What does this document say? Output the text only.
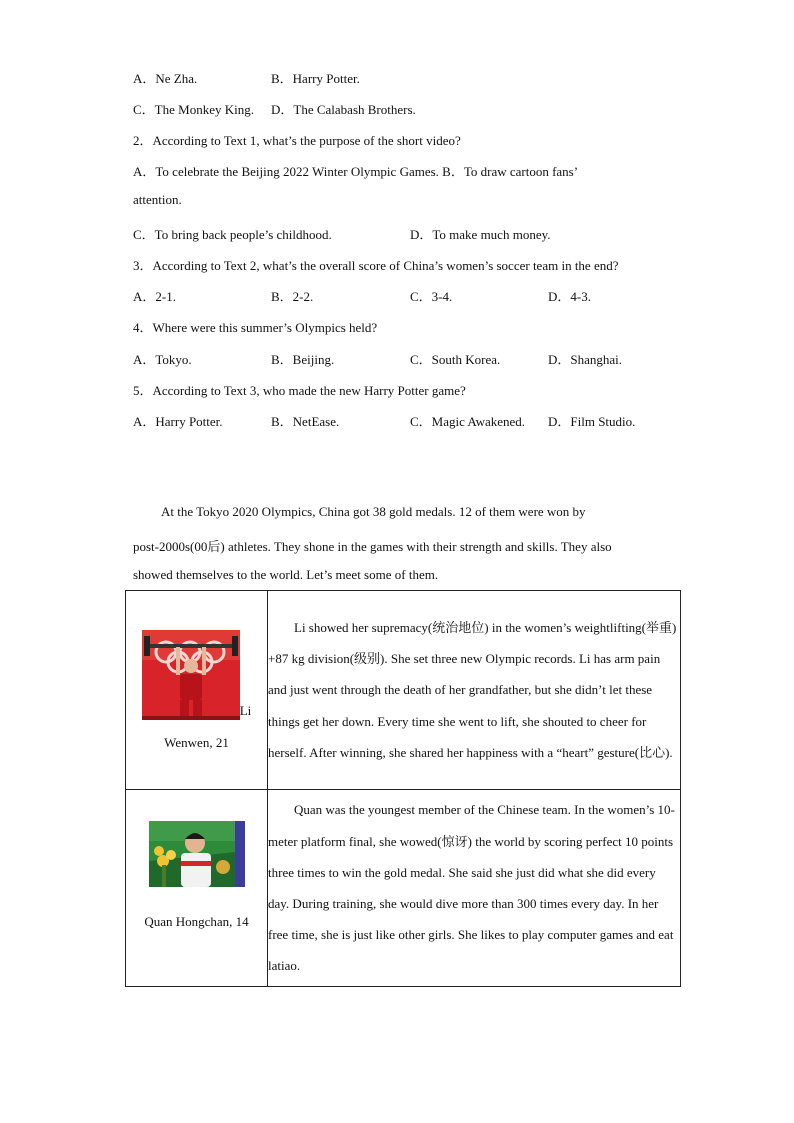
A．Ne Zha.	B．Harry Potter.
C．The Monkey King. D．The Calabash Brothers.
2．According to Text 1, what’s the purpose of the short video?
A．To celebrate the Beijing 2022 Winter Olympic Games. B．To draw cartoon fans’
attention.
C．To bring back people’s childhood.	D．To make much money.
3．According to Text 2, what’s the overall score of China’s women’s soccer team in the end?
A．2-1.	B．2-2.	C．3-4.	D．4-3.
4．Where were this summer’s Olympics held?
A．Tokyo.	B．Beijing.	C．South Korea.	D．Shanghai.
5．According to Text 3, who made the new Harry Potter game?
A．Harry Potter.	B．NetEase.	C．Magic Awakened. D．Film Studio.
At the Tokyo 2020 Olympics, China got 38 gold medals. 12 of them were won by
post-2000s(00后) athletes. They shone in the games with their strength and skills. They also
showed themselves to the world. Let’s meet some of them.
Li
Wenwen, 21	Li showed her supremacy(统治地位) in the women’s weightlifting(举重) +87 kg division(级别). She set three new Olympic records. Li has arm pain and just went through the death of her grandfather, but she didn’t let these things get her down. Every time she went to lift, she shouted to cheer for herself. After winning, she shared her happiness with a “heart” gesture(比心).

Quan Hongchan, 14	Quan was the youngest member of the Chinese team. In the women’s 10-meter platform final, she wowed(惊讶) the world by scoring perfect 10 points three times to win the gold medal. She said she just did what she did every day. During training, she would dive more than 300 times every day. In her free time, she is just like other girls. She likes to play computer games and eat latiao.
